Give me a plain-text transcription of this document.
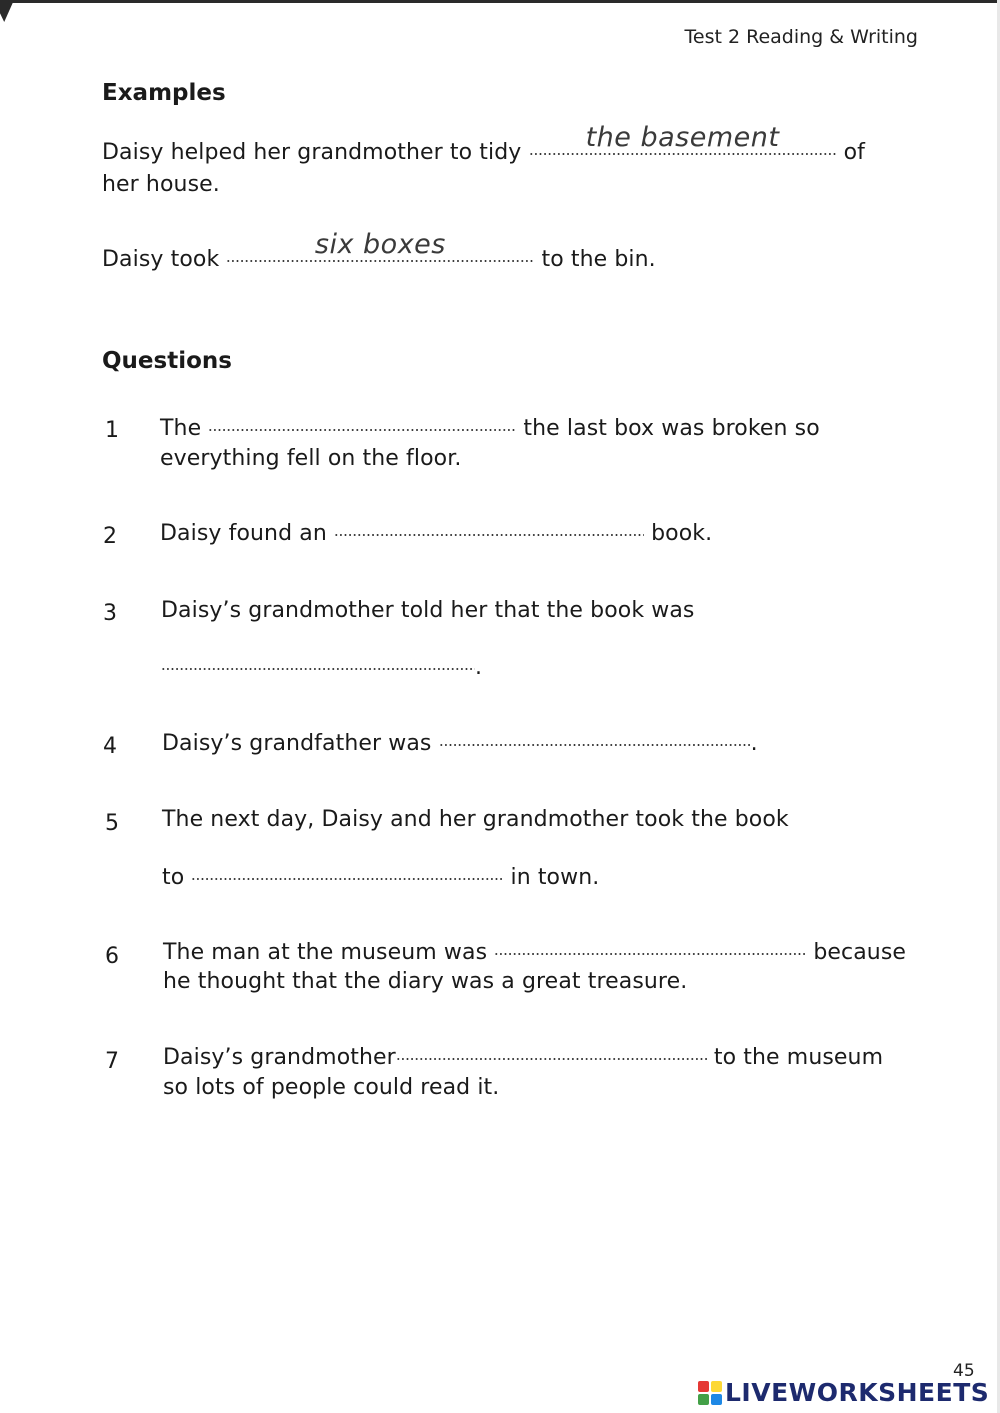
Test 2 Reading & Writing
Examples
Daisy helped her grandmother to tidy	the basement	of
her house.
Daisy took	six boxes	to the bin.
Questions
1 The	the last box was broken so
everything fell on the floor.
2 Daisy found an	book.
3 Daisy’s grandmother told her that the book was
.
4 Daisy’s grandfather was	.
5 The next day, Daisy and her grandmother took the book
to	in town.
6 The man at the museum was	because
he thought that the diary was a great treasure.
7 Daisy’s grandmother	to the museum
so lots of people could read it.
45
LIVEWORKSHEETS
